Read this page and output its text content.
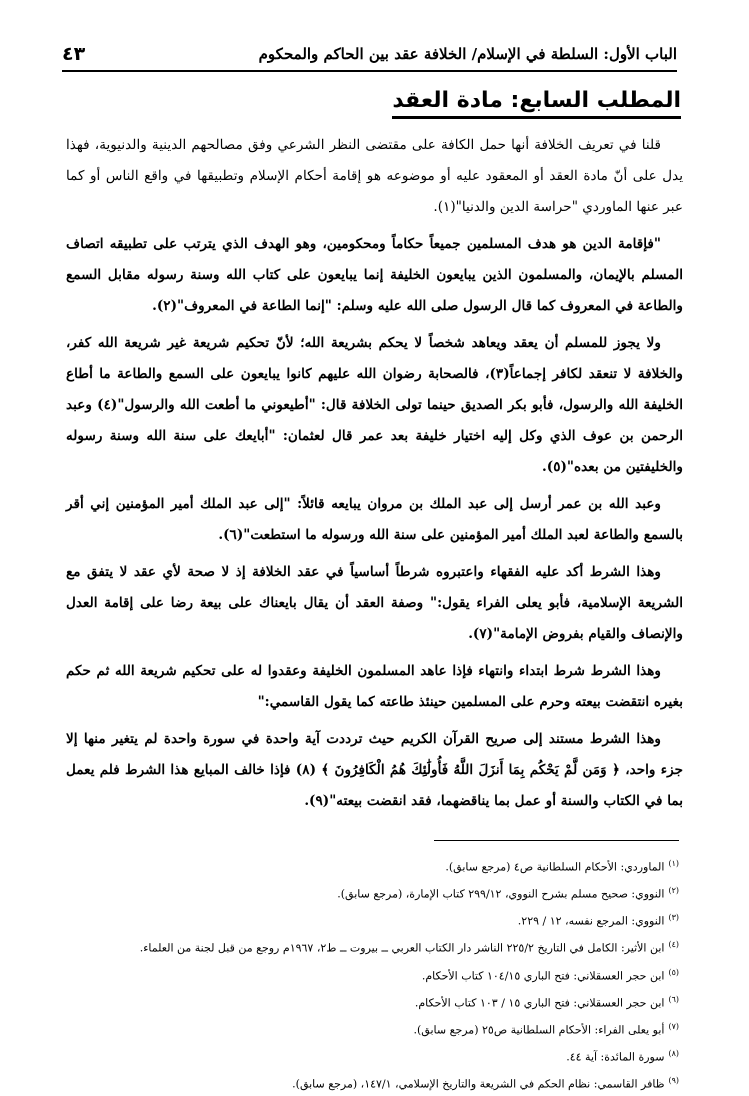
الباب الأول: السلطة في الإسلام/ الخلافة عقد بين الحاكم والمحكوم
٤٣
المطلب السابع: مادة العقد

قلنا في تعريف الخلافة أنها حمل الكافة على مقتضى النظر الشرعي وفق مصالحهم الدينية والدنيوية، فهذا يدل على أنّ مادة العقد أو المعقود عليه أو موضوعه هو إقامة أحكام الإسلام وتطبيقها في واقع الناس أو كما عبر عنها الماوردي "حراسة الدين والدنيا"(١).

"فإقامة الدين هو هدف المسلمين جميعاً حكاماً ومحكومين، وهو الهدف الذي يترتب على تطبيقه اتصاف المسلم بالإيمان، والمسلمون الذين يبايعون الخليفة إنما يبايعون على كتاب الله وسنة رسوله مقابل السمع والطاعة في المعروف كما قال الرسول صلى الله عليه وسلم: "إنما الطاعة في المعروف"(٢).

ولا يجوز للمسلم أن يعقد ويعاهد شخصاً لا يحكم بشريعة الله؛ لأنّ تحكيم شريعة غير شريعة الله كفر، والخلافة لا تنعقد لكافر إجماعاً(٣)، فالصحابة رضوان الله عليهم كانوا يبايعون على السمع والطاعة ما أطاع الخليفة الله والرسول، فأبو بكر الصديق حينما تولى الخلافة قال: "أطيعوني ما أطعت الله والرسول"(٤) وعبد الرحمن بن عوف الذي وكل إليه اختيار خليفة بعد عمر قال لعثمان: "أبايعك على سنة الله وسنة رسوله والخليفتين من بعده"(٥).

وعبد الله بن عمر أرسل إلى عبد الملك بن مروان يبايعه قائلاً: "إلى عبد الملك أمير المؤمنين إني أقر بالسمع والطاعة لعبد الملك أمير المؤمنين على سنة الله ورسوله ما استطعت"(٦).

وهذا الشرط أكد عليه الفقهاء واعتبروه شرطاً أساسياً في عقد الخلافة إذ لا صحة لأي عقد لا يتفق مع الشريعة الإسلامية، فأبو يعلى الفراء يقول:" وصفة العقد أن يقال بايعناك على بيعة رضا على إقامة العدل والإنصاف والقيام بفروض الإمامة"(٧).

وهذا الشرط شرط ابتداء وانتهاء فإذا عاهد المسلمون الخليفة وعقدوا له على تحكيم شريعة الله ثم حكم بغيره انتقضت بيعته وحرم على المسلمين حينئذ طاعته كما يقول القاسمي:"

وهذا الشرط مستند إلى صريح القرآن الكريم حيث ترددت آية واحدة في سورة واحدة لم يتغير منها إلا جزء واحد، ﴿ وَمَن لَّمْ يَحْكُم بِمَا أَنزَلَ اللَّهُ فَأُولَٰئِكَ هُمُ الْكَافِرُونَ ﴾ (٨) فإذا خالف المبايع هذا الشرط فلم يعمل بما في الكتاب والسنة أو عمل بما يناقضهما، فقد انقضت بيعته"(٩).

$^{(١)}$الماوردي: الأحكام السلطانية ص٤ (مرجع سابق).
$^{(٢)}$النووي: صحيح مسلم بشرح النووي، ٢٩٩/١٢ كتاب الإمارة، (مرجع سابق).
$^{(٣)}$النووي: المرجع نفسه، ١٢ / ٢٢٩.
$^{(٤)}$ابن الأثير: الكامل في التاريخ ٢٢٥/٢ الناشر دار الكتاب العربي ــ بيروت ــ ط٢، ١٩٦٧م روجع من قبل لجنة من العلماء.
$^{(٥)}$ابن حجر العسقلاني: فتح الباري ١٠٤/١٥ كتاب الأحكام.
$^{(٦)}$ابن حجر العسقلاني: فتح الباري ١٥ / ١٠٣ كتاب الأحكام.
$^{(٧)}$أبو يعلى الفراء: الأحكام السلطانية ص٢٥ (مرجع سابق).
$^{(٨)}$سورة المائدة: آية ٤٤.
$^{(٩)}$ظافر القاسمي: نظام الحكم في الشريعة والتاريخ الإسلامي، ١٤٧/١، (مرجع سابق).
